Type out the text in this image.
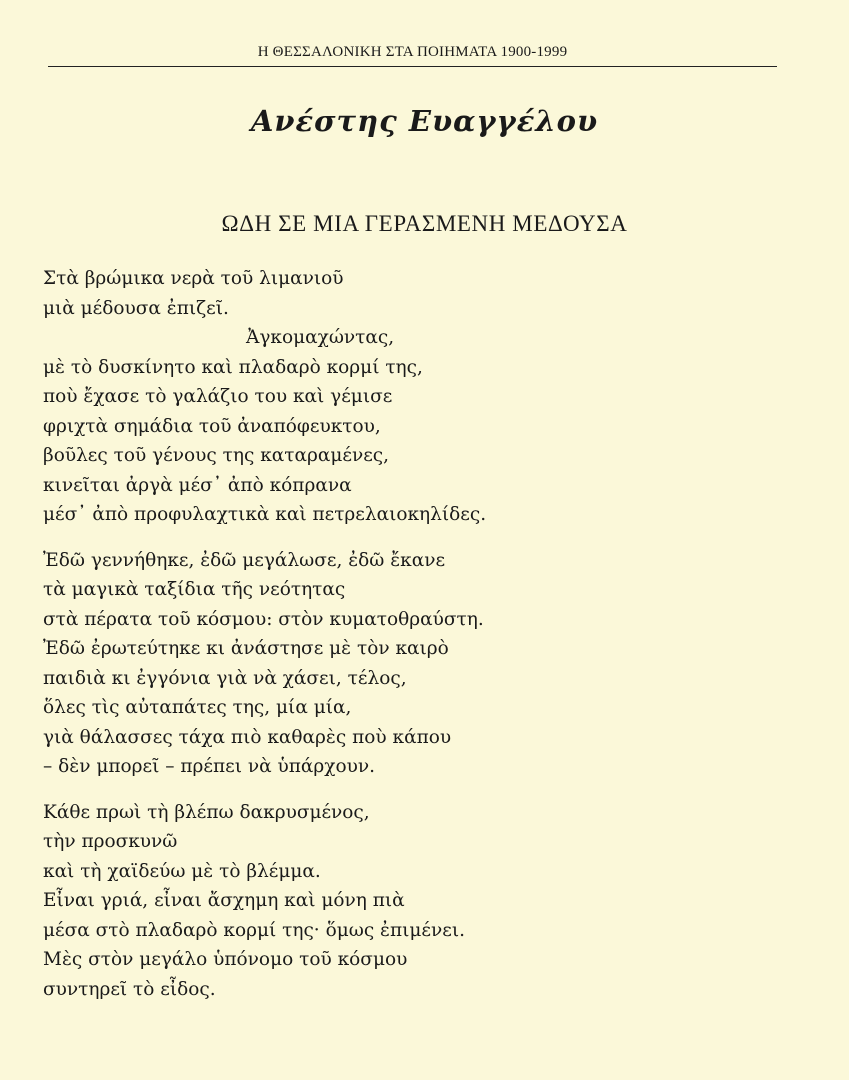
Η ΘΕΣΣΑΛΟΝΙΚΗ ΣΤΑ ΠΟΙΗΜΑΤΑ 1900-1999
Ανέστης Ευαγγέλου
ΩΔΗ ΣΕ ΜΙΑ ΓΕΡΑΣΜΕΝΗ ΜΕΔΟΥΣΑ
Στὰ βρώμικα νερὰ τοῦ λιμανιοῦ
μιὰ μέδουσα ἐπιζεῖ.
Ἀγκομαχώντας,
μὲ τὸ δυσκίνητο καὶ πλαδαρὸ κορμί της,
ποὺ ἔχασε τὸ γαλάζιο του καὶ γέμισε
φριχτὰ σημάδια τοῦ ἀναπόφευκτου,
βοῦλες τοῦ γένους της καταραμένες,
κινεῖται ἀργὰ μέσ᾿ ἀπὸ κόπρανα
μέσ᾿ ἀπὸ προφυλαχτικὰ καὶ πετρελαιοκηλίδες.
Ἐδῶ γεννήθηκε, ἐδῶ μεγάλωσε, ἐδῶ ἔκανε
τὰ μαγικὰ ταξίδια τῆς νεότητας
στὰ πέρατα τοῦ κόσμου: στὸν κυματοθραύστη.
Ἐδῶ ἐρωτεύτηκε κι ἀνάστησε μὲ τὸν καιρὸ
παιδιὰ κι ἐγγόνια γιὰ νὰ χάσει, τέλος,
ὅλες τὶς αὐταπάτες της, μία μία,
γιὰ θάλασσες τάχα πιὸ καθαρὲς ποὺ κάπου
– δὲν μπορεῖ – πρέπει νὰ ὑπάρχουν.
Κάθε πρωὶ τὴ βλέπω δακρυσμένος,
τὴν προσκυνῶ
καὶ τὴ χαϊδεύω μὲ τὸ βλέμμα.
Εἶναι γριά, εἶναι ἄσχημη καὶ μόνη πιὰ
μέσα στὸ πλαδαρὸ κορμί της· ὅμως ἐπιμένει.
Μὲς στὸν μεγάλο ὑπόνομο τοῦ κόσμου
συντηρεῖ τὸ εἶδος.
